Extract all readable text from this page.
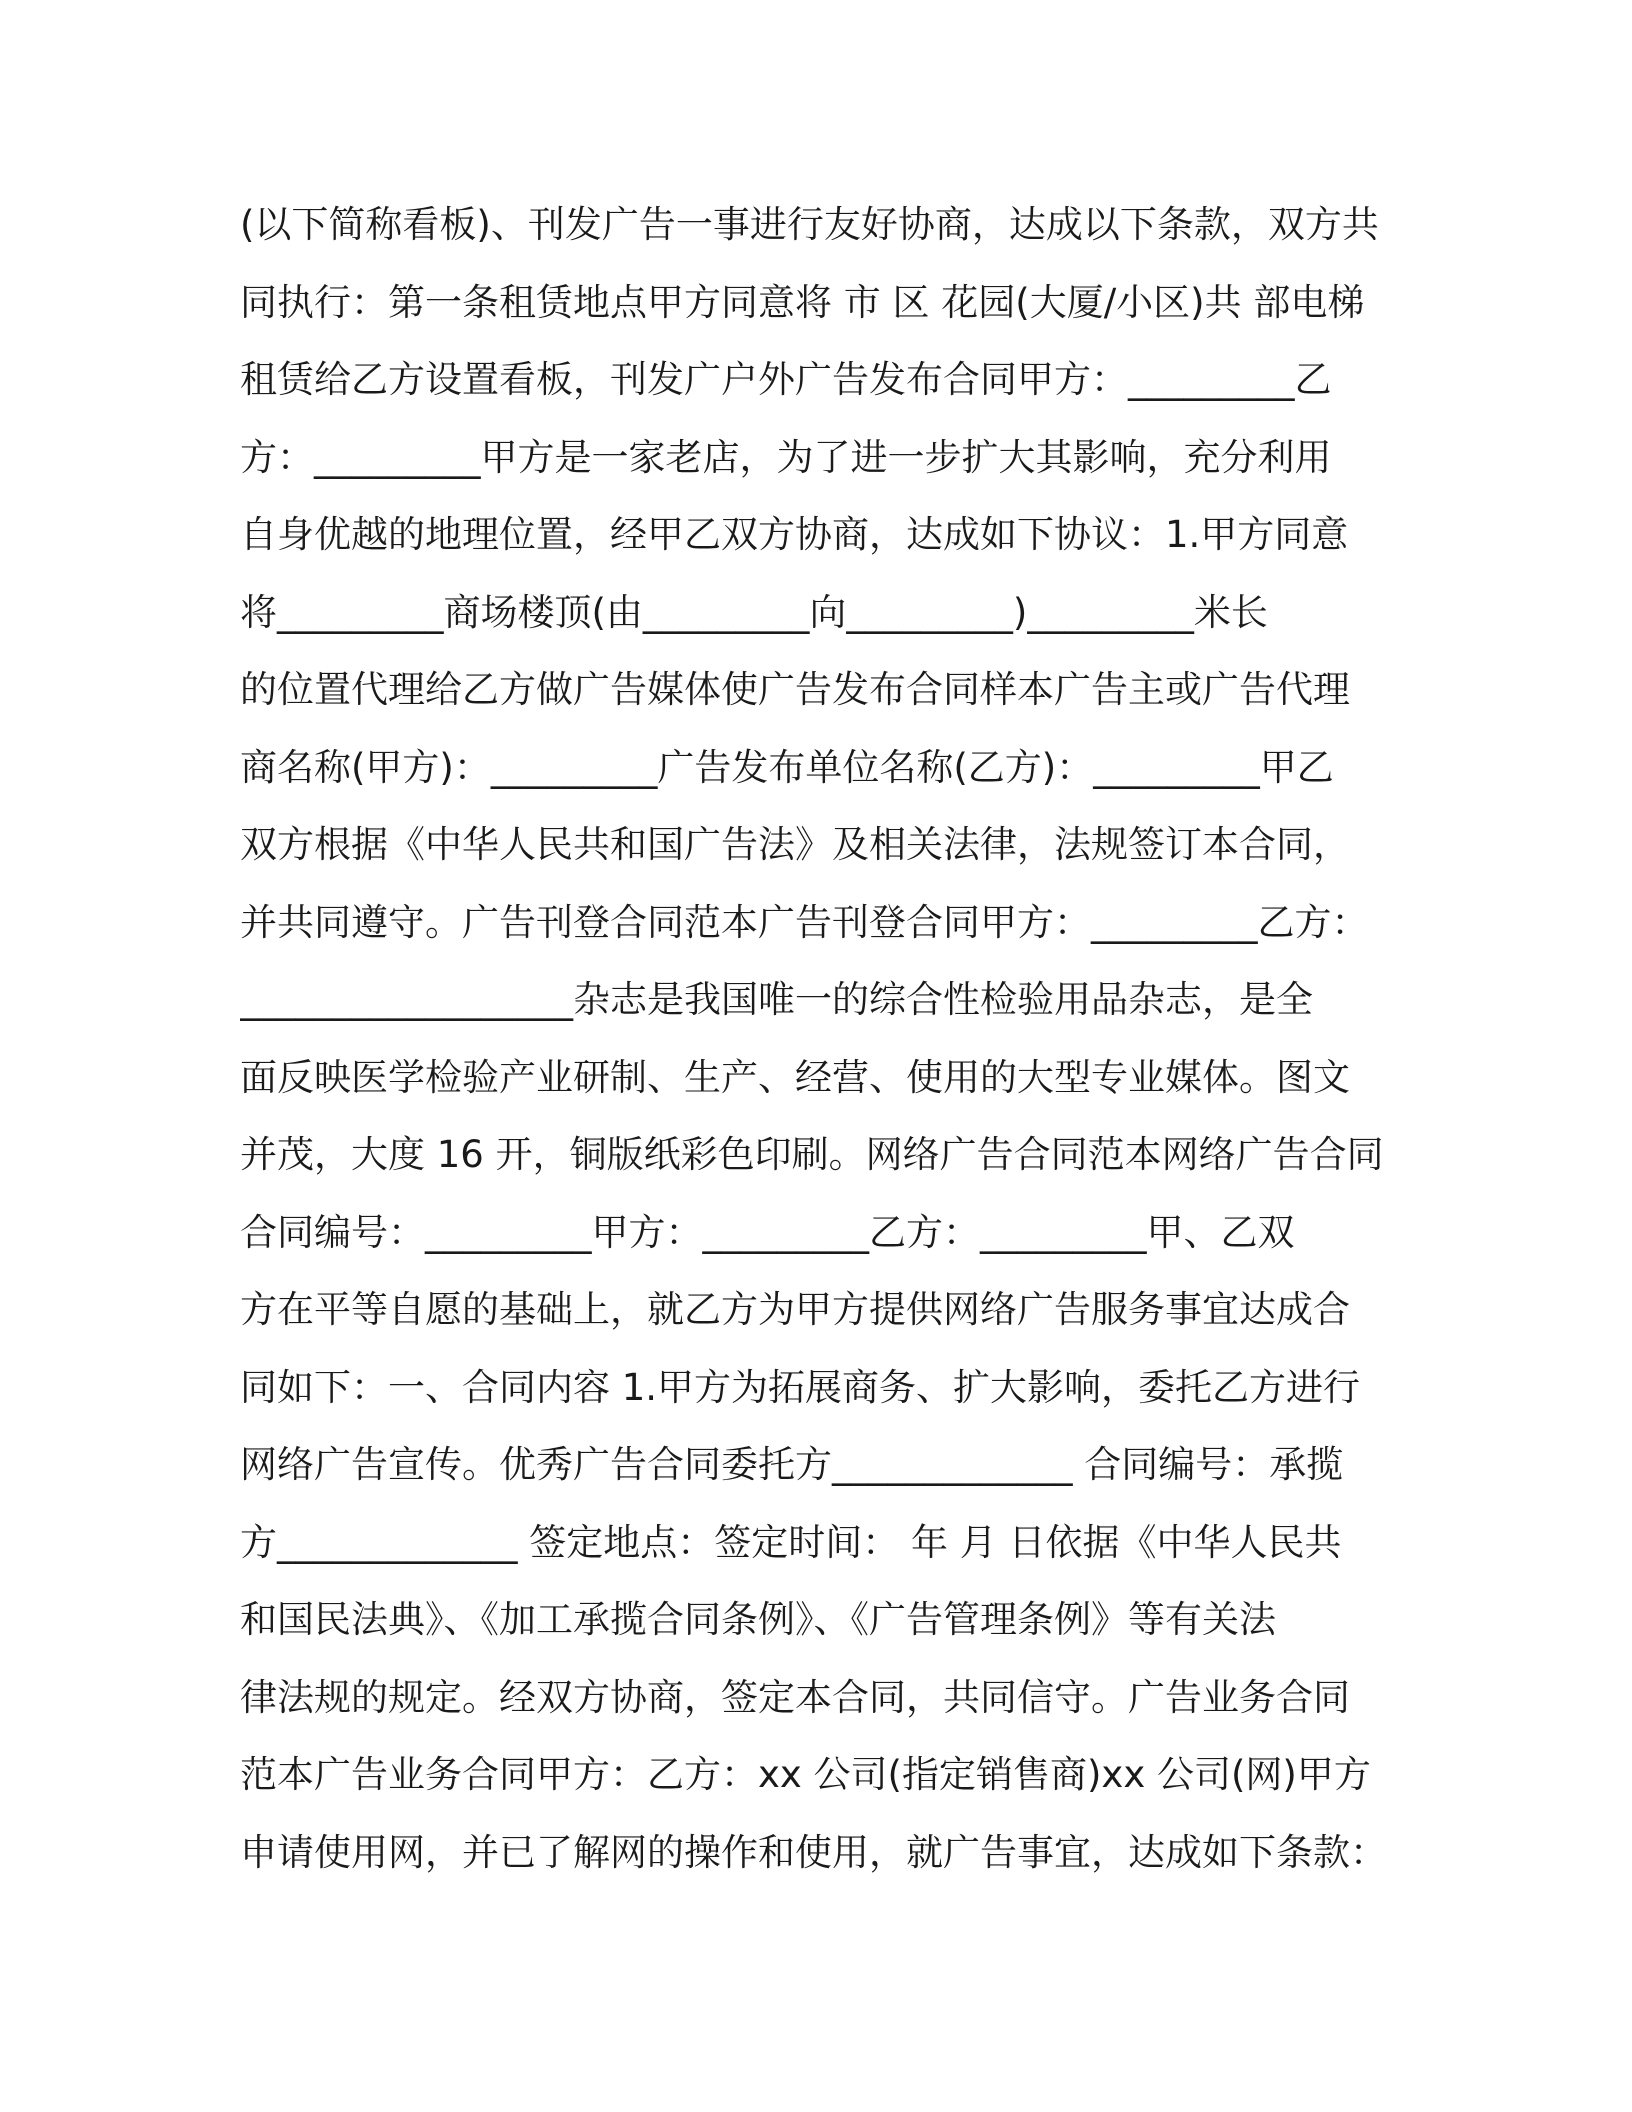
(以下简称看板)、刊发广告一事进行友好协商，达成以下条款，双方共
同执行：第一条租赁地点甲方同意将 市 区 花园(大厦/小区)共 部电梯
租赁给乙方设置看板，刊发广户外广告发布合同甲方：_________乙
方：_________甲方是一家老店，为了进一步扩大其影响，充分利用
自身优越的地理位置，经甲乙双方协商，达成如下协议：1.甲方同意
将_________商场楼顶(由_________向_________)_________米长
的位置代理给乙方做广告媒体使广告发布合同样本广告主或广告代理
商名称(甲方)：_________广告发布单位名称(乙方)：_________甲乙
双方根据《中华人民共和国广告法》及相关法律，法规签订本合同，
并共同遵守。广告刊登合同范本广告刊登合同甲方：_________乙方：
__________________杂志是我国唯一的综合性检验用品杂志，是全
面反映医学检验产业研制、生产、经营、使用的大型专业媒体。图文
并茂，大度 16 开，铜版纸彩色印刷。网络广告合同范本网络广告合同
合同编号：_________甲方：_________乙方：_________甲、乙双
方在平等自愿的基础上，就乙方为甲方提供网络广告服务事宜达成合
同如下：一、合同内容 1.甲方为拓展商务、扩大影响，委托乙方进行
网络广告宣传。优秀广告合同委托方_____________ 合同编号：承揽
方_____________ 签定地点：签定时间： 年 月 日依据《中华人民共
和国民法典》、《加工承揽合同条例》、《广告管理条例》等有关法
律法规的规定。经双方协商，签定本合同，共同信守。广告业务合同
范本广告业务合同甲方：乙方：xx 公司(指定销售商)xx 公司(网)甲方
申请使用网，并已了解网的操作和使用，就广告事宜，达成如下条款：
